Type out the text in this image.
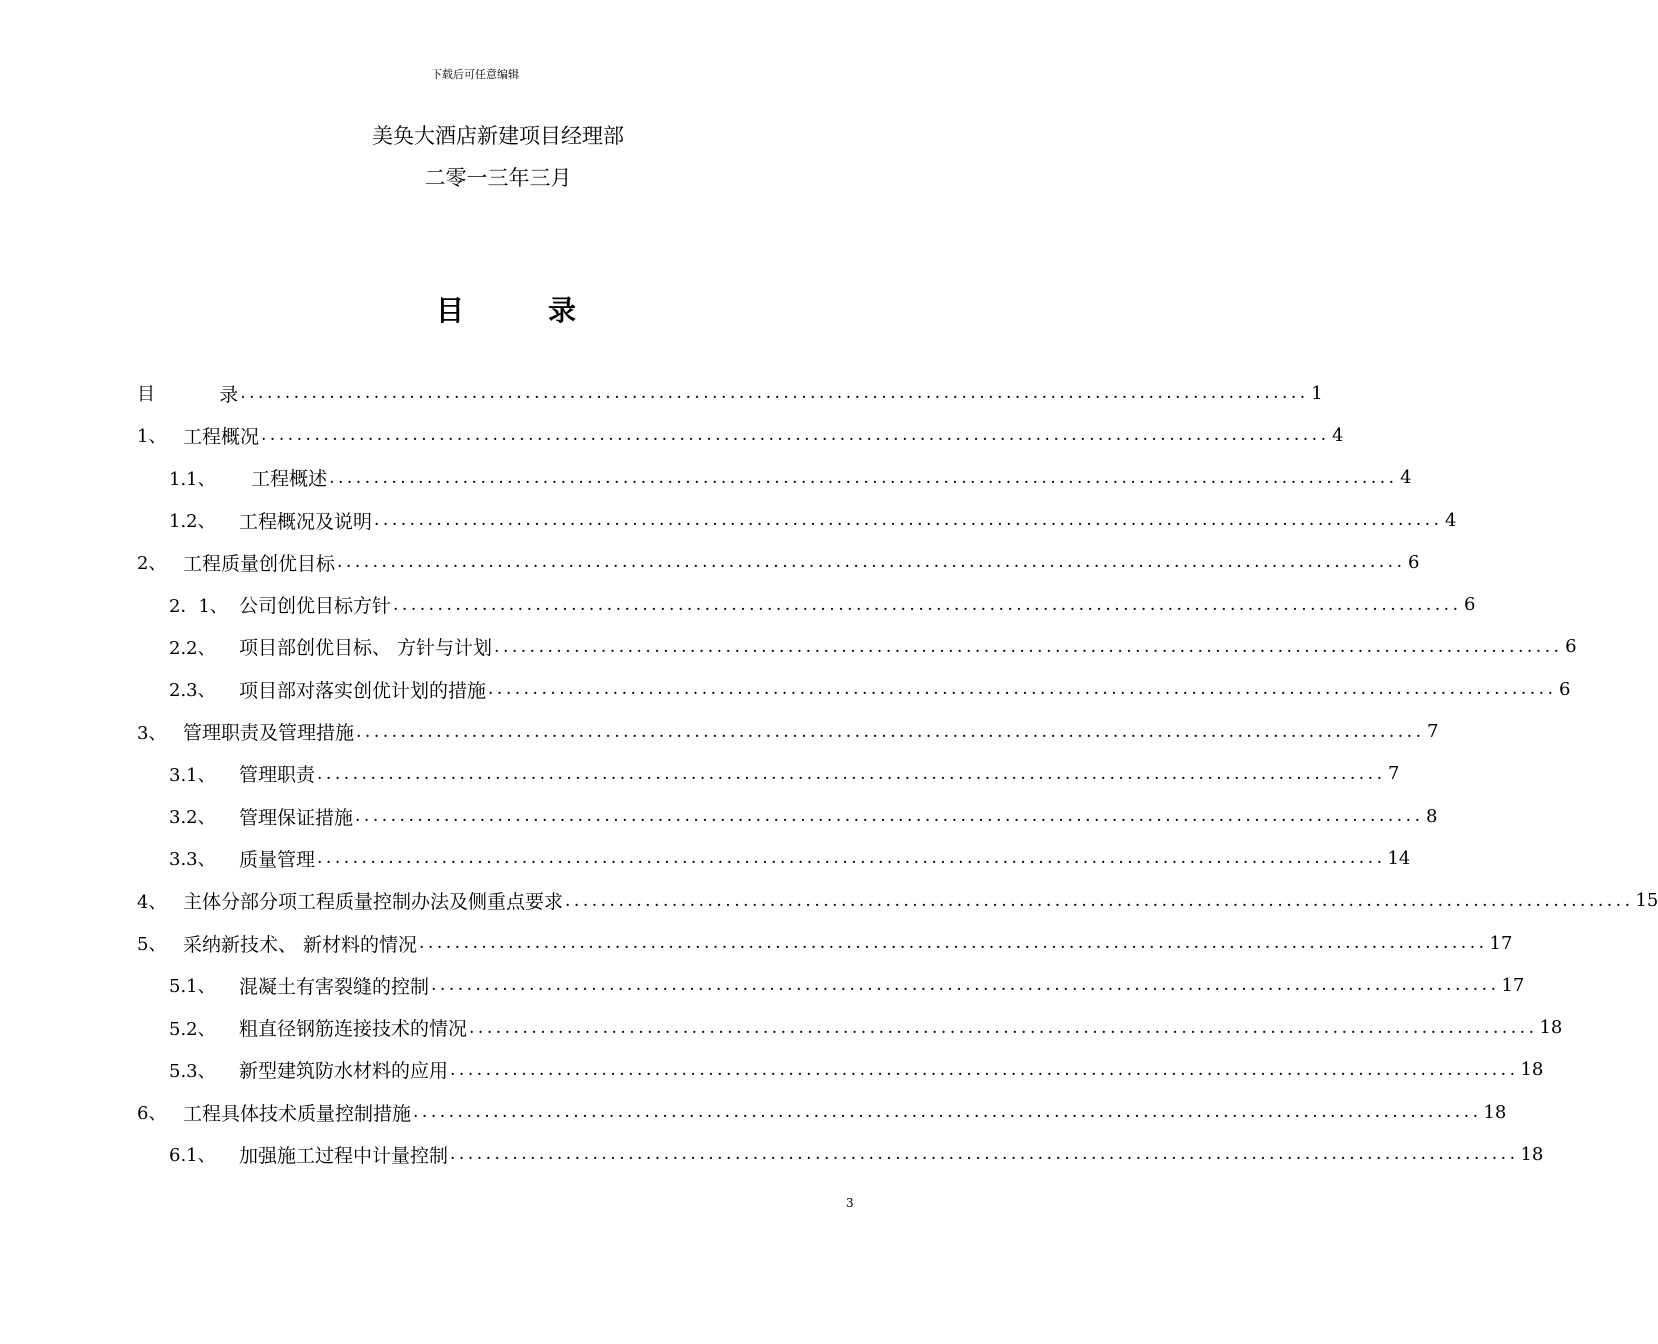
下载后可任意编辑
美奂大酒店新建项目经理部
二零一三年三月
目	录
目	录 ........................................................................................................................ 1
1、 工程概况 ........................................................................................................................ 4
1.1、	工程概述 ........................................................................................................................ 4
1.2、	工程概况及说明 ........................................................................................................................ 4
2、 工程质量创优目标 ........................................................................................................................ 6
2．1、 公司创优目标方针 ........................................................................................................................ 6
2.2、	项目部创优目标、 方针与计划 ........................................................................................................................ 6
2.3、	项目部对落实创优计划的措施 ........................................................................................................................ 6
3、 管理职责及管理措施 ........................................................................................................................ 7
3.1、	管理职责 ........................................................................................................................ 7
3.2、	管理保证措施 ........................................................................................................................ 8
3.3、	质量管理 ........................................................................................................................ 14
4、 主体分部分项工程质量控制办法及侧重点要求 ........................................................................................................................ 15
5、 采纳新技术、 新材料的情况 ........................................................................................................................ 17
5.1、	混凝土有害裂缝的控制 ........................................................................................................................ 17
5.2、	粗直径钢筋连接技术的情况 ........................................................................................................................ 18
5.3、	新型建筑防水材料的应用 ........................................................................................................................ 18
6、 工程具体技术质量控制措施 ........................................................................................................................ 18
6.1、	加强施工过程中计量控制 ........................................................................................................................ 18
3
